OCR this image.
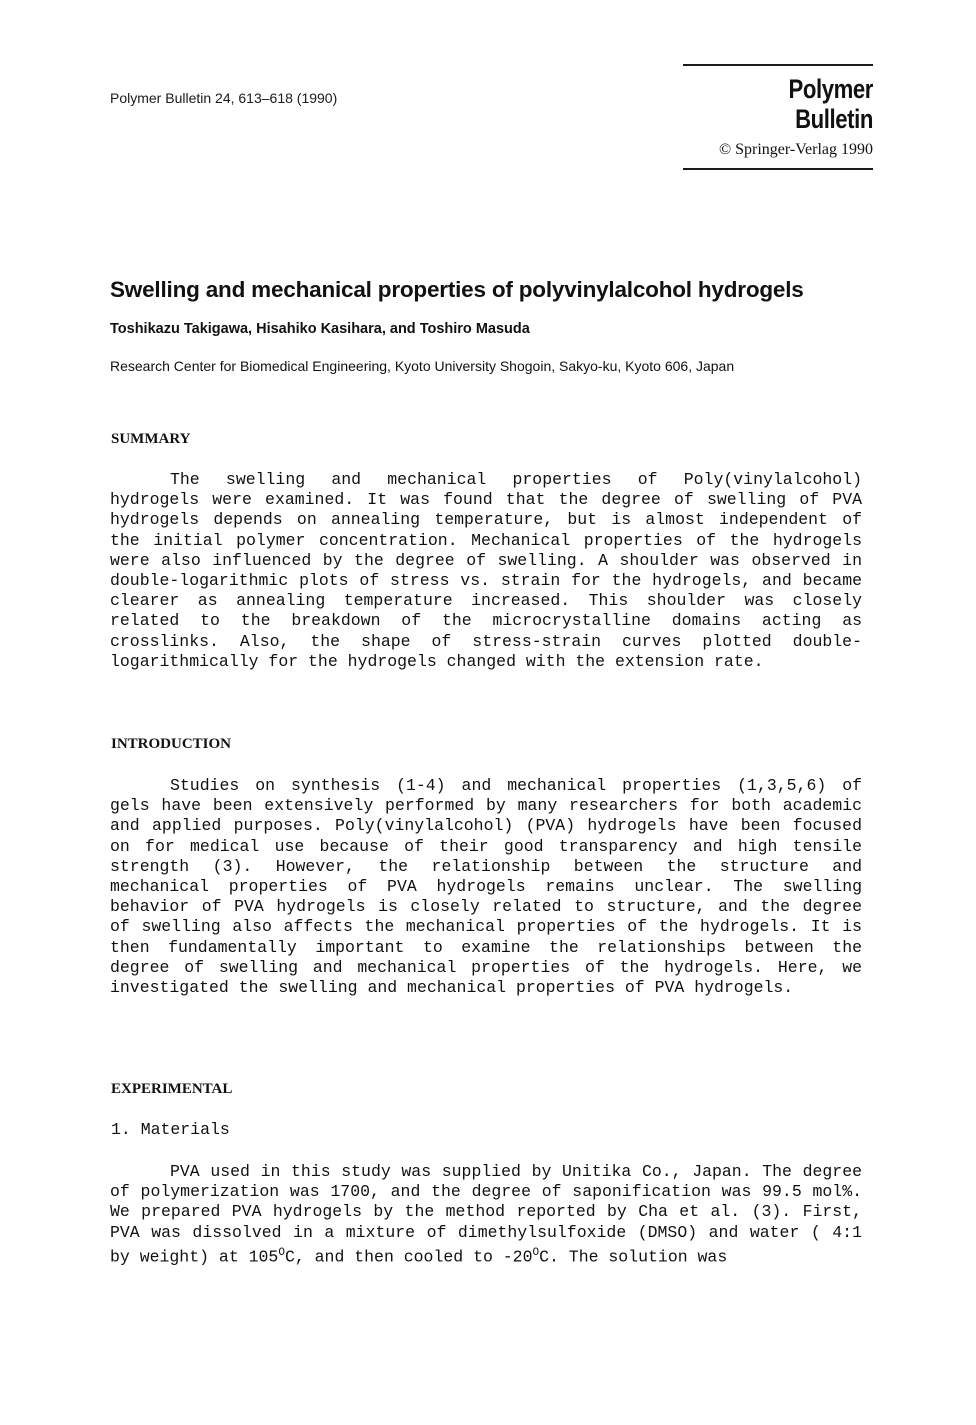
Polymer Bulletin 24, 613–618 (1990)	Polymer Bulletin
© Springer-Verlag 1990
Swelling and mechanical properties of polyvinylalcohol hydrogels
Toshikazu Takigawa, Hisahiko Kasihara, and Toshiro Masuda
Research Center for Biomedical Engineering, Kyoto University Shogoin, Sakyo-ku, Kyoto 606, Japan
SUMMARY

The swelling and mechanical properties of Poly(vinylalcohol) hydrogels were examined. It was found that the degree of swelling of PVA hydrogels depends on annealing temperature, but is almost independent of the initial polymer concentration. Mechanical properties of the hydrogels were also influenced by the degree of swelling. A shoulder was observed in double-logarithmic plots of stress vs. strain for the hydrogels, and became clearer as annealing temperature increased. This shoulder was closely related to the breakdown of the microcrystalline domains acting as crosslinks. Also, the shape of stress-strain curves plotted double-logarithmically for the hydrogels changed with the extension rate.

INTRODUCTION

Studies on synthesis (1-4) and mechanical properties (1,3,5,6) of gels have been extensively performed by many researchers for both academic and applied purposes. Poly(vinylalcohol) (PVA) hydrogels have been focused on for medical use because of their good transparency and high tensile strength (3). However, the relationship between the structure and mechanical properties of PVA hydrogels remains unclear. The swelling behavior of PVA hydrogels is closely related to structure, and the degree of swelling also affects the mechanical properties of the hydrogels. It is then fundamentally important to examine the relationships between the degree of swelling and mechanical properties of the hydrogels. Here, we investigated the swelling and mechanical properties of PVA hydrogels.

EXPERIMENTAL
1. Materials

PVA used in this study was supplied by Unitika Co., Japan. The degree of polymerization was 1700, and the degree of saponification was 99.5 mol%. We prepared PVA hydrogels by the method reported by Cha et al. (3). First, PVA was dissolved in a mixture of dimethylsulfoxide (DMSO) and water ( 4:1 by weight) at $105^OC$, and then cooled to $-20^OC$. The solution was
